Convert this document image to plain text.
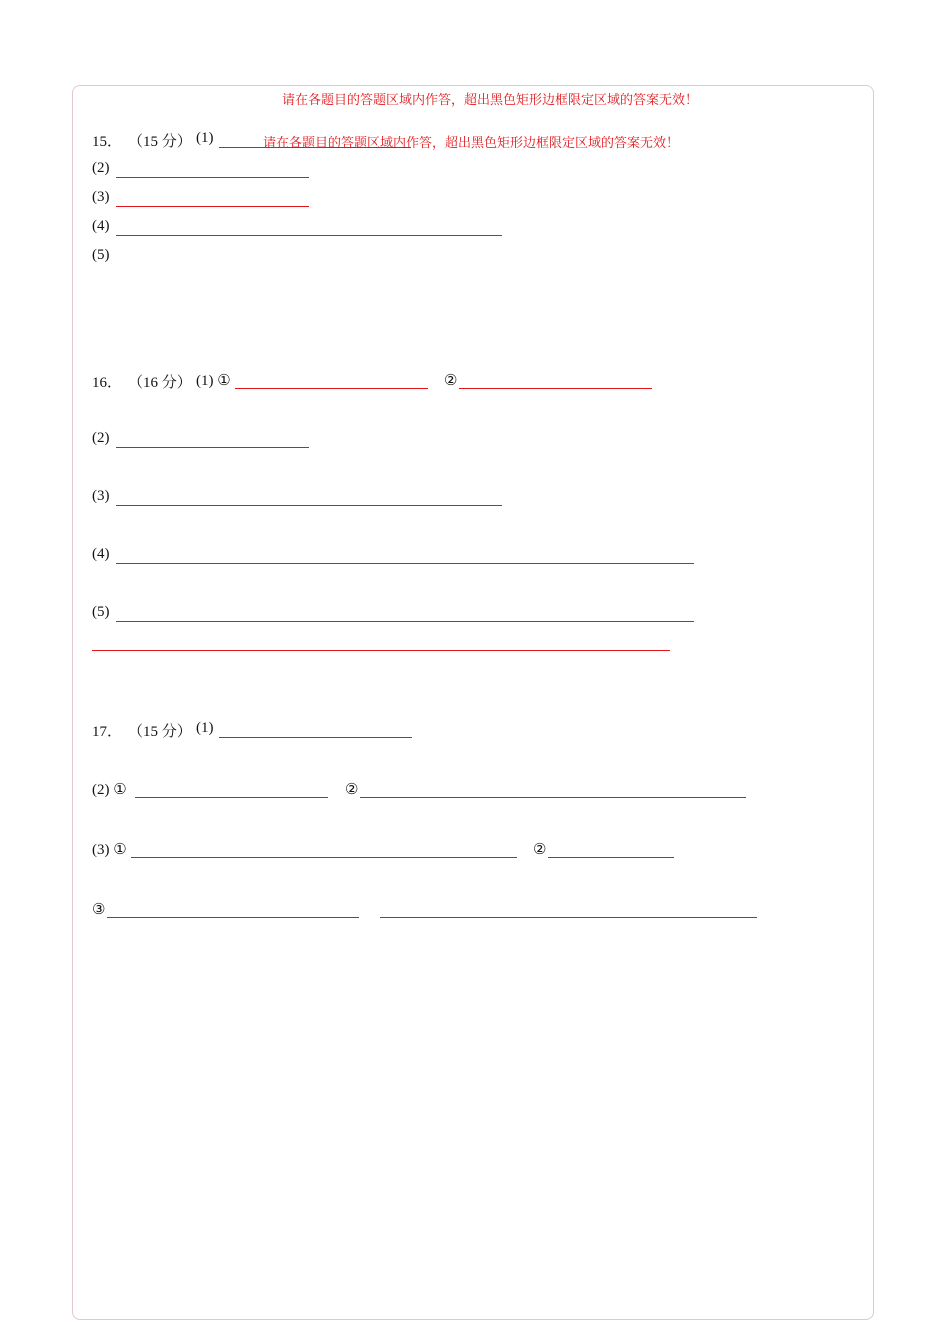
请在各题目的答题区域内作答，超出黑色矩形边框限定区域的答案无效！
15． （15 分） (1)	请在各题目的答题区域内作答，超出黑色矩形边框限定区域的答案无效！
(2)
(3)
(4)
(5)
16． （16 分） (1) ①	②
(2)
(3)
(4)
(5)
17． （15 分） (1)
(2) ①	②
(3) ①	②
③
